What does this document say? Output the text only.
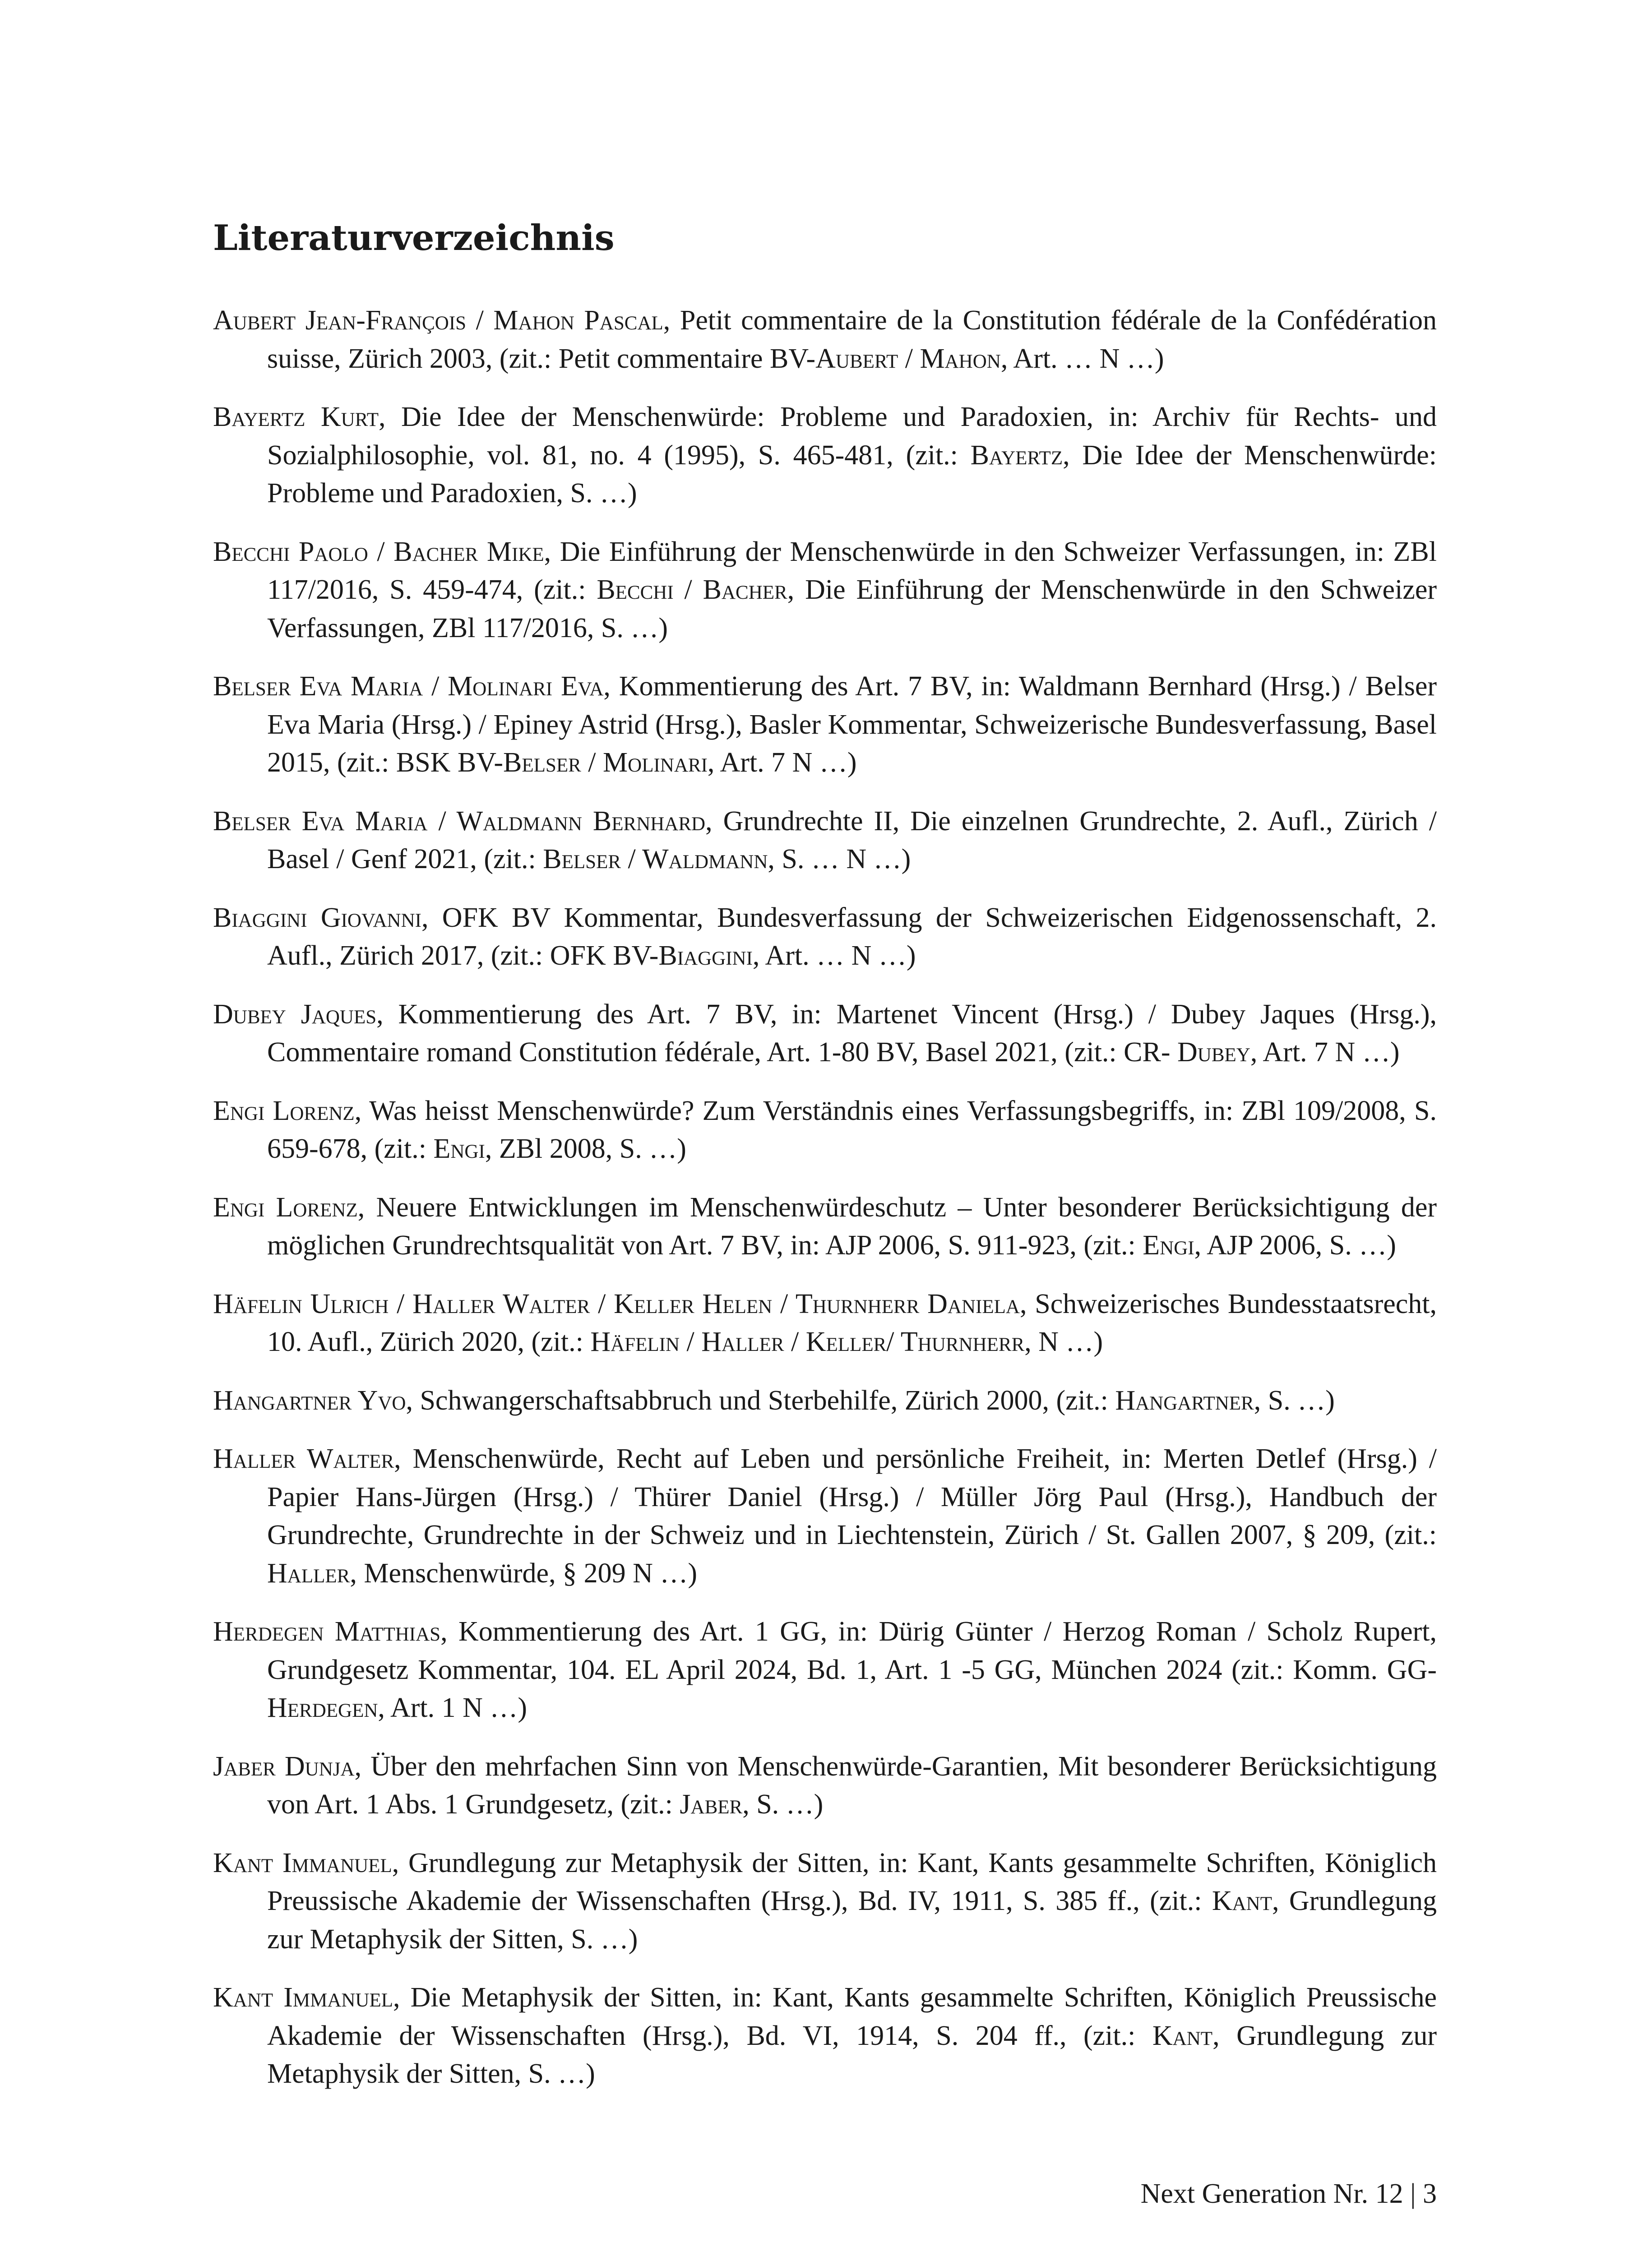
Literaturverzeichnis
Aubert Jean-François / Mahon Pascal, Petit commentaire de la Constitution fédérale de la Confédération suisse, Zürich 2003, (zit.: Petit commentaire BV-Aubert / Mahon, Art. … N …)
Bayertz Kurt, Die Idee der Menschenwürde: Probleme und Paradoxien, in: Archiv für Rechts- und Sozialphilosophie, vol. 81, no. 4 (1995), S. 465-481, (zit.: Bayertz, Die Idee der Menschenwürde: Probleme und Paradoxien, S. …)
Becchi Paolo / Bacher Mike, Die Einführung der Menschenwürde in den Schweizer Verfassungen, in: ZBl 117/2016, S. 459-474, (zit.: Becchi / Bacher, Die Einführung der Menschenwürde in den Schweizer Verfassungen, ZBl 117/2016, S. …)
Belser Eva Maria / Molinari Eva, Kommentierung des Art. 7 BV, in: Waldmann Bernhard (Hrsg.) / Belser Eva Maria (Hrsg.) / Epiney Astrid (Hrsg.), Basler Kommentar, Schweizerische Bundesverfassung, Basel 2015, (zit.: BSK BV-Belser / Molinari, Art. 7 N …)
Belser Eva Maria / Waldmann Bernhard, Grundrechte II, Die einzelnen Grundrechte, 2. Aufl., Zürich / Basel / Genf 2021, (zit.: Belser / Waldmann, S. … N …)
Biaggini Giovanni, OFK BV Kommentar, Bundesverfassung der Schweizerischen Eidgenossenschaft, 2. Aufl., Zürich 2017, (zit.: OFK BV-Biaggini, Art. … N …)
Dubey Jaques, Kommentierung des Art. 7 BV, in: Martenet Vincent (Hrsg.) / Dubey Jaques (Hrsg.), Commentaire romand Constitution fédérale, Art. 1-80 BV, Basel 2021, (zit.: CR- Dubey, Art. 7 N …)
Engi Lorenz, Was heisst Menschenwürde? Zum Verständnis eines Verfassungsbegriffs, in: ZBl 109/2008, S. 659-678, (zit.: Engi, ZBl 2008, S. …)
Engi Lorenz, Neuere Entwicklungen im Menschenwürdeschutz – Unter besonderer Berücksichtigung der möglichen Grundrechtsqualität von Art. 7 BV, in: AJP 2006, S. 911-923, (zit.: Engi, AJP 2006, S. …)
Häfelin Ulrich / Haller Walter / Keller Helen / Thurnherr Daniela, Schweizerisches Bundesstaatsrecht, 10. Aufl., Zürich 2020, (zit.: Häfelin / Haller / Keller/ Thurnherr, N …)
Hangartner Yvo, Schwangerschaftsabbruch und Sterbehilfe, Zürich 2000, (zit.: Hangartner, S. …)
Haller Walter, Menschenwürde, Recht auf Leben und persönliche Freiheit, in: Merten Detlef (Hrsg.) / Papier Hans-Jürgen (Hrsg.) / Thürer Daniel (Hrsg.) / Müller Jörg Paul (Hrsg.), Handbuch der Grundrechte, Grundrechte in der Schweiz und in Liechtenstein, Zürich / St. Gallen 2007, § 209, (zit.: Haller, Menschenwürde, § 209 N …)
Herdegen Matthias, Kommentierung des Art. 1 GG, in: Dürig Günter / Herzog Roman / Scholz Rupert, Grundgesetz Kommentar, 104. EL April 2024, Bd. 1, Art. 1 -5 GG, München 2024 (zit.: Komm. GG-Herdegen, Art. 1 N …)
Jaber Dunja, Über den mehrfachen Sinn von Menschenwürde-Garantien, Mit besonderer Berücksichtigung von Art. 1 Abs. 1 Grundgesetz, (zit.: Jaber, S. …)
Kant Immanuel, Grundlegung zur Metaphysik der Sitten, in: Kant, Kants gesammelte Schriften, Königlich Preussische Akademie der Wissenschaften (Hrsg.), Bd. IV, 1911, S. 385 ff., (zit.: Kant, Grundlegung zur Metaphysik der Sitten, S. …)
Kant Immanuel, Die Metaphysik der Sitten, in: Kant, Kants gesammelte Schriften, Königlich Preussische Akademie der Wissenschaften (Hrsg.), Bd. VI, 1914, S. 204 ff., (zit.: Kant, Grundlegung zur Metaphysik der Sitten, S. …)
Next Generation Nr. 12 | 3
